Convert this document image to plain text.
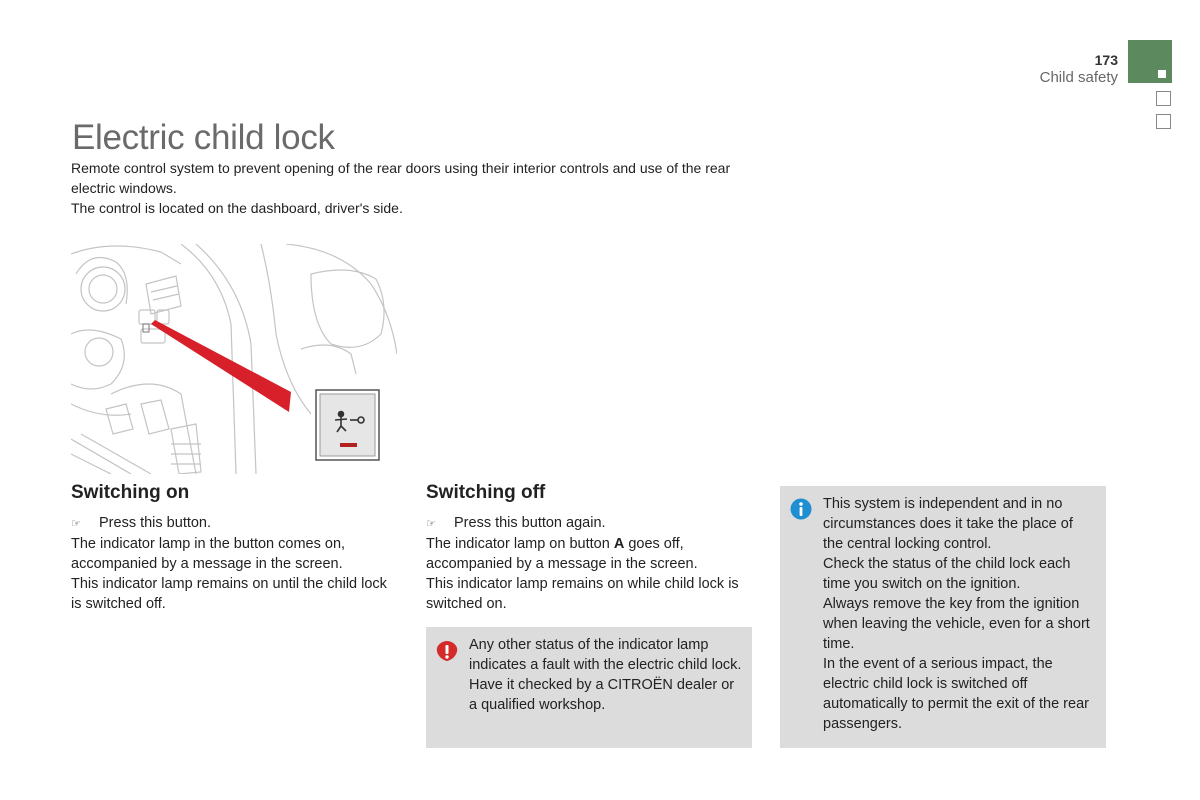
173
Child safety
Electric child lock

Remote control system to prevent opening of the rear doors using their interior controls and use of the rear electric windows.

The control is located on the dashboard, driver's side.

Switching on

☞ Press this button.

The indicator lamp in the button comes on, accompanied by a message in the screen.

This indicator lamp remains on until the child lock is switched off.

Switching off

☞ Press this button again.

The indicator lamp on button A goes off, accompanied by a message in the screen.

This indicator lamp remains on while child lock is switched on.

Any other status of the indicator lamp indicates a fault with the electric child lock. Have it checked by a CITROËN dealer or a qualified workshop.

This system is independent and in no circumstances does it take the place of the central locking control.

Check the status of the child lock each time you switch on the ignition.

Always remove the key from the ignition when leaving the vehicle, even for a short time.

In the event of a serious impact, the electric child lock is switched off automatically to permit the exit of the rear passengers.
